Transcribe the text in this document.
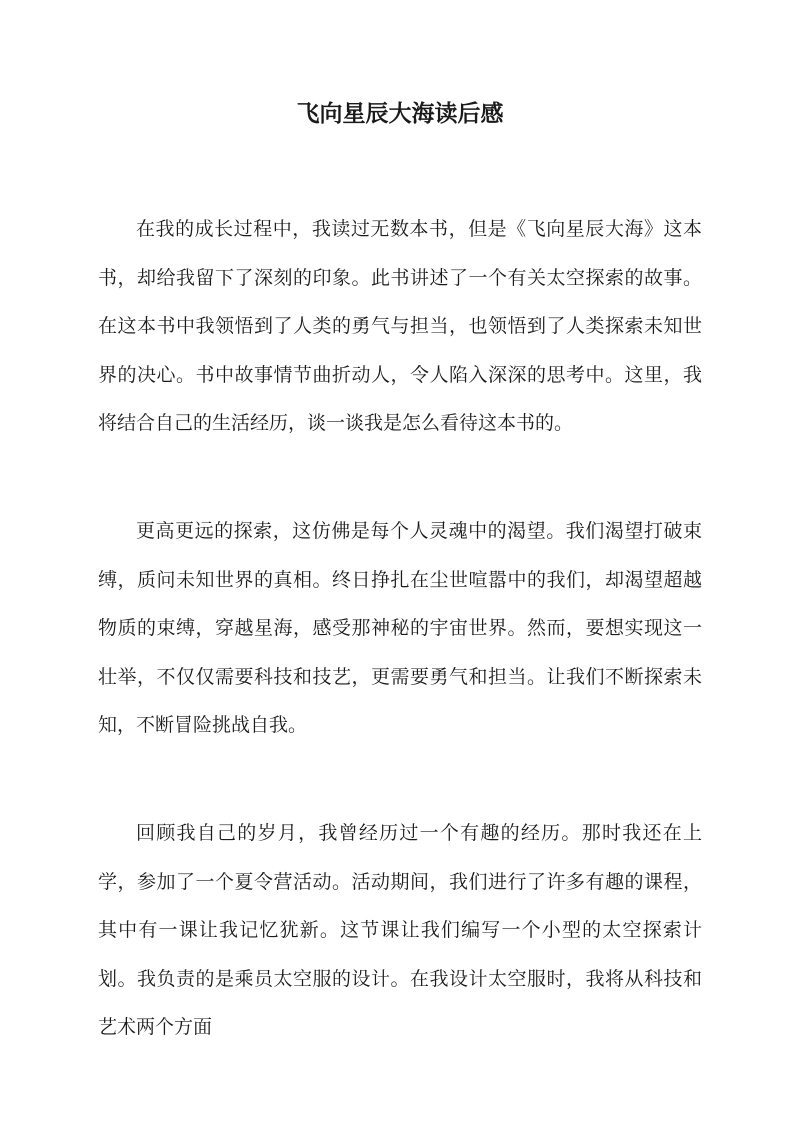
飞向星辰大海读后感

在我的成长过程中，我读过无数本书，但是《飞向星辰大海》这本书，却给我留下了深刻的印象。此书讲述了一个有关太空探索的故事。在这本书中我领悟到了人类的勇气与担当，也领悟到了人类探索未知世界的决心。书中故事情节曲折动人，令人陷入深深的思考中。这里，我将结合自己的生活经历，谈一谈我是怎么看待这本书的。

更高更远的探索，这仿佛是每个人灵魂中的渴望。我们渴望打破束缚，质问未知世界的真相。终日挣扎在尘世喧嚣中的我们，却渴望超越物质的束缚，穿越星海，感受那神秘的宇宙世界。然而，要想实现这一壮举，不仅仅需要科技和技艺，更需要勇气和担当。让我们不断探索未知，不断冒险挑战自我。

回顾我自己的岁月，我曾经历过一个有趣的经历。那时我还在上学，参加了一个夏令营活动。活动期间，我们进行了许多有趣的课程，其中有一课让我记忆犹新。这节课让我们编写一个小型的太空探索计划。我负责的是乘员太空服的设计。在我设计太空服时，我将从科技和艺术两个方面
